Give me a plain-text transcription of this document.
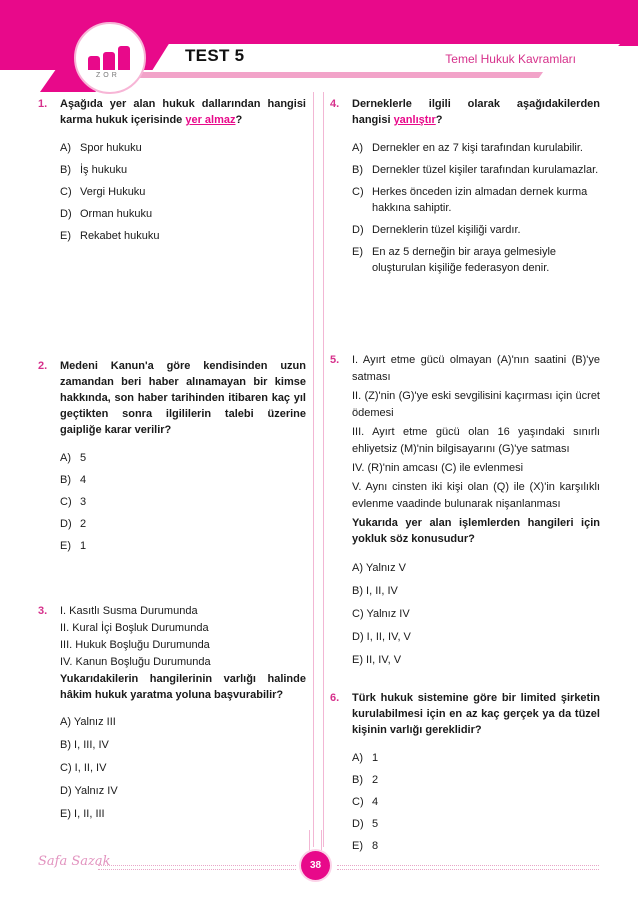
ZOR
TEST 5	Temel Hukuk Kavramları
1. Aşağıda yer alan hukuk dallarından hangisi karma hukuk içerisinde yer almaz?
A) Spor hukuku
B) İş hukuku
C) Vergi Hukuku
D) Orman hukuku
E) Rekabet hukuku
2. Medeni Kanun'a göre kendisinden uzun zamandan beri haber alınamayan bir kimse hakkında, son haber tarihinden itibaren kaç yıl geçtikten sonra ilgililerin talebi üzerine gaipliğe karar verilir?
A) 5
B) 4
C) 3
D) 2
E) 1
3. I. Kasıtlı Susma Durumunda
II. Kural İçi Boşluk Durumunda
III. Hukuk Boşluğu Durumunda
IV. Kanun Boşluğu Durumunda
Yukarıdakilerin hangilerinin varlığı halinde hâkim hukuk yaratma yoluna başvurabilir?
A) Yalnız III
B) I, III, IV
C) I, II, IV
D) Yalnız IV
E) I, II, III
4. Derneklerle ilgili olarak aşağıdakilerden hangisi yanlıştır?
A) Dernekler en az 7 kişi tarafından kurulabilir.
B) Dernekler tüzel kişiler tarafından kurulamazlar.
C) Herkes önceden izin almadan dernek kurma hakkına sahiptir.
D) Derneklerin tüzel kişiliği vardır.
E) En az 5 derneğin bir araya gelmesiyle oluşturulan kişiliğe federasyon denir.
5. I. Ayırt etme gücü olmayan (A)'nın saatini (B)'ye satması
II. (Z)'nin (G)'ye eski sevgilisini kaçırması için ücret ödemesi
III. Ayırt etme gücü olan 16 yaşındaki sınırlı ehliyetsiz (M)'nin bilgisayarını (G)'ye satması
IV. (R)'nin amcası (C) ile evlenmesi
V. Aynı cinsten iki kişi olan (Q) ile (X)'in karşılıklı evlenme vaadinde bulunarak nişanlanması
Yukarıda yer alan işlemlerden hangileri için yokluk söz konusudur?
A) Yalnız V
B) I, II, IV
C) Yalnız IV
D) I, II, IV, V
E) II, IV, V
6. Türk hukuk sistemine göre bir limited şirketin kurulabilmesi için en az kaç gerçek ya da tüzel kişinin varlığı gereklidir?
A) 1
B) 2
C) 4
D) 5
E) 8
Safa Sazak	38
